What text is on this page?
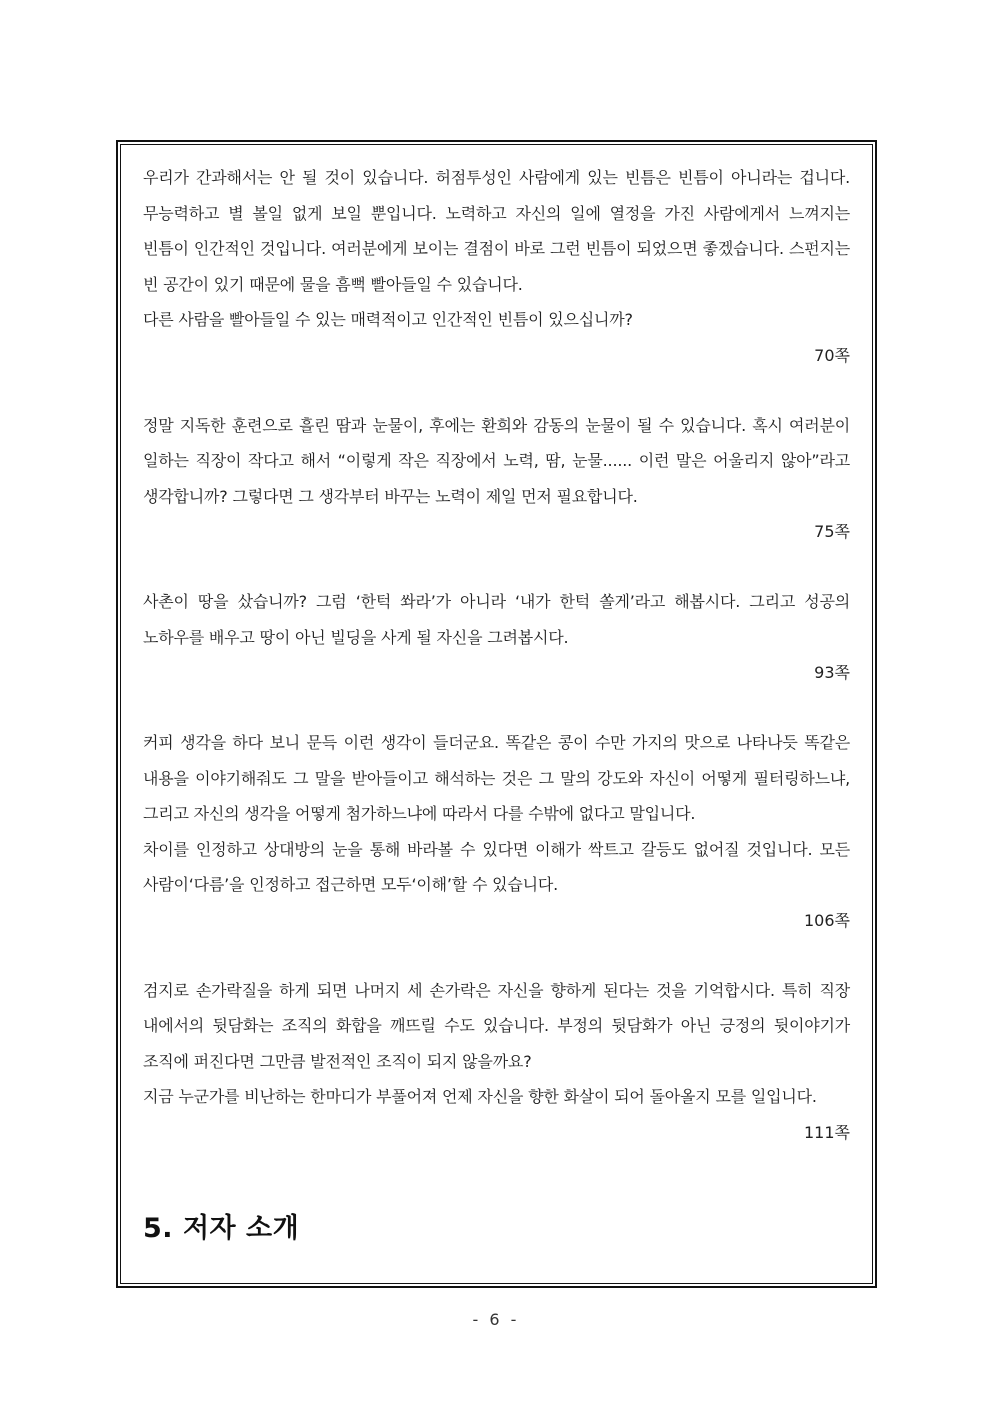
우리가 간과해서는 안 될 것이 있습니다. 허점투성인 사람에게 있는 빈틈은 빈틈이 아니라는 겁니다. 무능력하고 별 볼일 없게 보일 뿐입니다. 노력하고 자신의 일에 열정을 가진 사람에게서 느껴지는 빈틈이 인간적인 것입니다. 여러분에게 보이는 결점이 바로 그런 빈틈이 되었으면 좋겠습니다. 스펀지는 빈 공간이 있기 때문에 물을 흠뻑 빨아들일 수 있습니다.

다른 사람을 빨아들일 수 있는 매력적이고 인간적인 빈틈이 있으십니까?

70쪽

정말 지독한 훈련으로 흘린 땀과 눈물이, 후에는 환희와 감동의 눈물이 될 수 있습니다. 혹시 여러분이 일하는 직장이 작다고 해서 “이렇게 작은 직장에서 노력, 땀, 눈물...... 이런 말은 어울리지 않아”라고 생각합니까? 그렇다면 그 생각부터 바꾸는 노력이 제일 먼저 필요합니다.

75쪽

사촌이 땅을 샀습니까? 그럼 ‘한턱 쏴라’가 아니라 ‘내가 한턱 쏠게’라고 해봅시다. 그리고 성공의 노하우를 배우고 땅이 아닌 빌딩을 사게 될 자신을 그려봅시다.

93쪽

커피 생각을 하다 보니 문득 이런 생각이 들더군요. 똑같은 콩이 수만 가지의 맛으로 나타나듯 똑같은 내용을 이야기해줘도 그 말을 받아들이고 해석하는 것은 그 말의 강도와 자신이 어떻게 필터링하느냐, 그리고 자신의 생각을 어떻게 첨가하느냐에 따라서 다를 수밖에 없다고 말입니다.

차이를 인정하고 상대방의 눈을 통해 바라볼 수 있다면 이해가 싹트고 갈등도 없어질 것입니다. 모든 사람이‘다름’을 인정하고 접근하면 모두‘이해’할 수 있습니다.

106쪽

검지로 손가락질을 하게 되면 나머지 세 손가락은 자신을 향하게 된다는 것을 기억합시다. 특히 직장 내에서의 뒷담화는 조직의 화합을 깨뜨릴 수도 있습니다. 부정의 뒷담화가 아닌 긍정의 뒷이야기가 조직에 퍼진다면 그만큼 발전적인 조직이 되지 않을까요?

지금 누군가를 비난하는 한마디가 부풀어져 언제 자신을 향한 화살이 되어 돌아올지 모를 일입니다.

111쪽

5. 저자 소개
- 6 -
